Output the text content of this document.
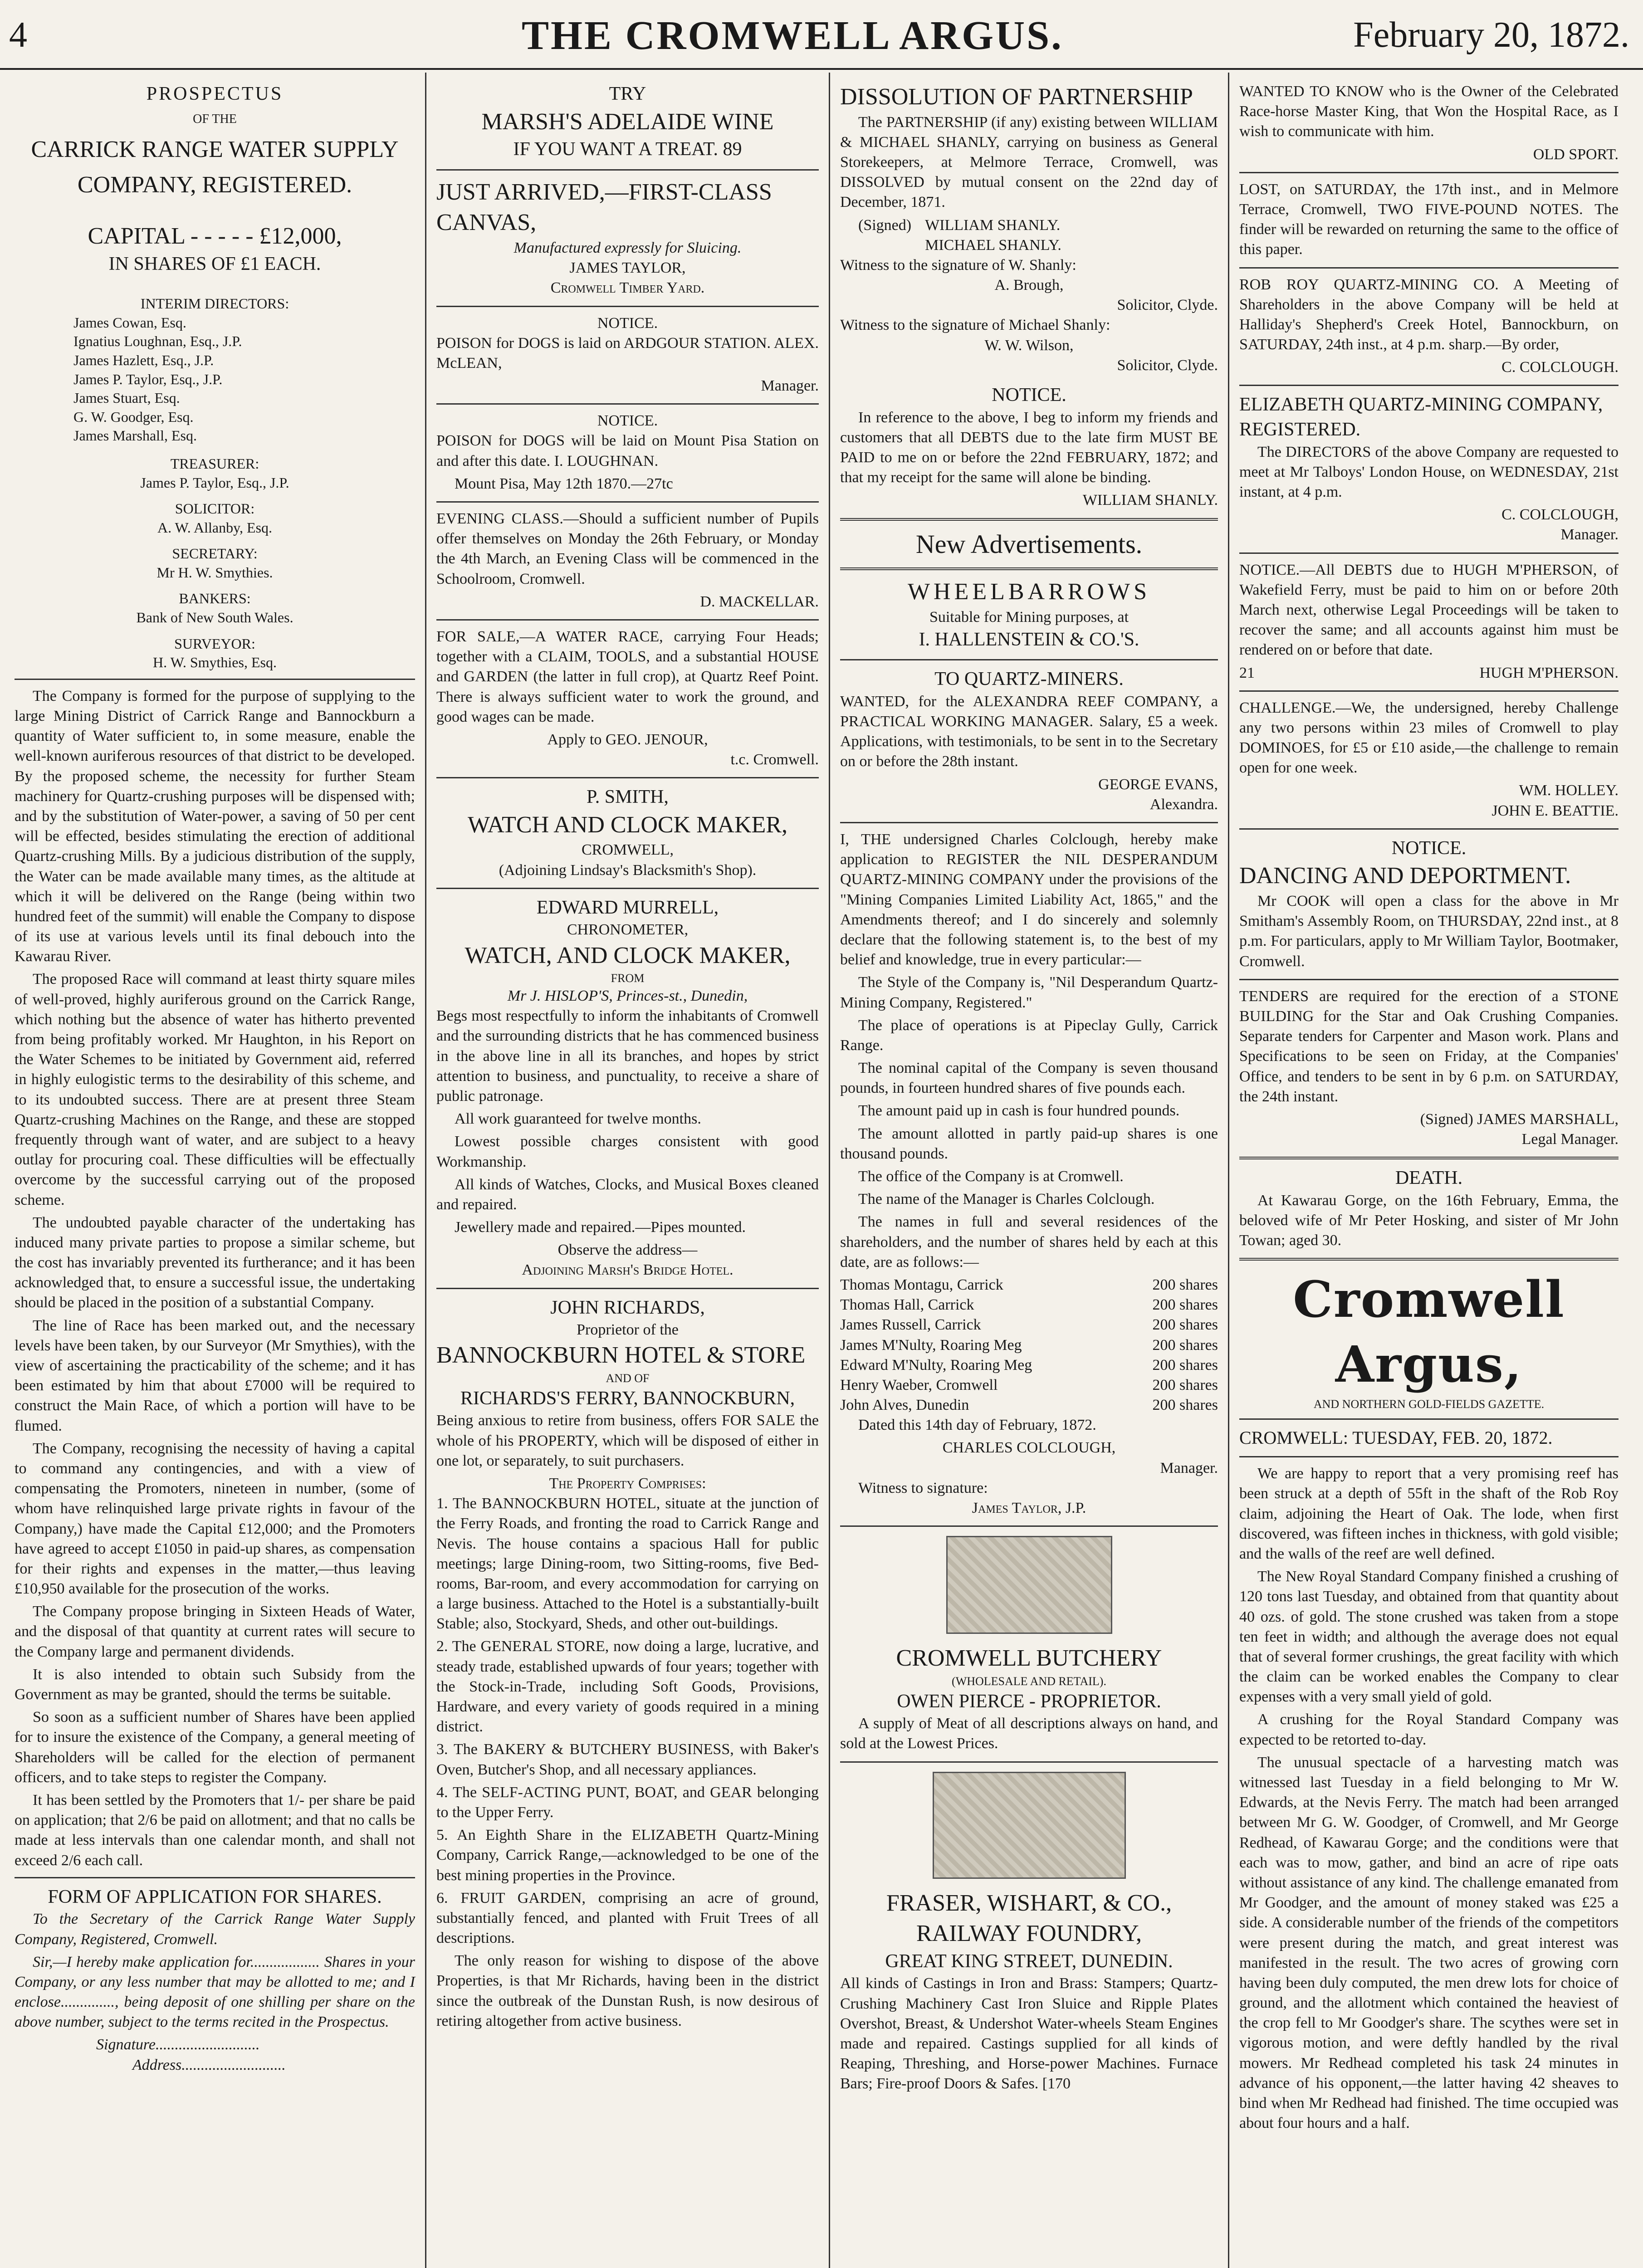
4	THE CROMWELL ARGUS.	February 20, 1872.
PROSPECTUS
OF THE
CARRICK RANGE WATER SUPPLY COMPANY, REGISTERED.
CAPITAL - - - - - £12,000,
IN SHARES OF £1 EACH.
INTERIM DIRECTORS:
James Cowan, Esq.
Ignatius Loughnan, Esq., J.P.
James Hazlett, Esq., J.P.
James P. Taylor, Esq., J.P.
James Stuart, Esq.
G. W. Goodger, Esq.
James Marshall, Esq.
TREASURER:
James P. Taylor, Esq., J.P.
SOLICITOR:
A. W. Allanby, Esq.
SECRETARY:
Mr H. W. Smythies.
BANKERS:
Bank of New South Wales.
SURVEYOR:
H. W. Smythies, Esq.

The Company is formed for the purpose of supplying to the large Mining District of Carrick Range and Bannockburn a quantity of Water sufficient to, in some measure, enable the well-known auriferous resources of that district to be developed. By the proposed scheme, the necessity for further Steam machinery for Quartz-crushing purposes will be dispensed with; and by the substitution of Water-power, a saving of 50 per cent will be effected, besides stimulating the erection of additional Quartz-crushing Mills. By a judicious distribution of the supply, the Water can be made available many times, as the altitude at which it will be delivered on the Range (being within two hundred feet of the summit) will enable the Company to dispose of its use at various levels until its final debouch into the Kawarau River.

The proposed Race will command at least thirty square miles of well-proved, highly auriferous ground on the Carrick Range, which nothing but the absence of water has hitherto prevented from being profitably worked. Mr Haughton, in his Report on the Water Schemes to be initiated by Government aid, referred in highly eulogistic terms to the desirability of this scheme, and to its undoubted success. There are at present three Steam Quartz-crushing Machines on the Range, and these are stopped frequently through want of water, and are subject to a heavy outlay for procuring coal. These difficulties will be effectually overcome by the successful carrying out of the proposed scheme.

The undoubted payable character of the undertaking has induced many private parties to propose a similar scheme, but the cost has invariably prevented its furtherance; and it has been acknowledged that, to ensure a successful issue, the undertaking should be placed in the position of a substantial Company.

The line of Race has been marked out, and the necessary levels have been taken, by our Surveyor (Mr Smythies), with the view of ascertaining the practicability of the scheme; and it has been estimated by him that about £7000 will be required to construct the Main Race, of which a portion will have to be flumed.

The Company, recognising the necessity of having a capital to command any contingencies, and with a view of compensating the Promoters, nineteen in number, (some of whom have relinquished large private rights in favour of the Company,) have made the Capital £12,000; and the Promoters have agreed to accept £1050 in paid-up shares, as compensation for their rights and expenses in the matter,—thus leaving £10,950 available for the prosecution of the works.

The Company propose bringing in Sixteen Heads of Water, and the disposal of that quantity at current rates will secure to the Company large and permanent dividends.

It is also intended to obtain such Subsidy from the Government as may be granted, should the terms be suitable.

So soon as a sufficient number of Shares have been applied for to insure the existence of the Company, a general meeting of Shareholders will be called for the election of permanent officers, and to take steps to register the Company.

It has been settled by the Promoters that 1/- per share be paid on application; that 2/6 be paid on allotment; and that no calls be made at less intervals than one calendar month, and shall not exceed 2/6 each call.

FORM OF APPLICATION FOR SHARES.

To the Secretary of the Carrick Range Water Supply Company, Registered, Cromwell.

Sir,—I hereby make application for.................. Shares in your Company, or any less number that may be allotted to me; and I enclose.............., being deposit of one shilling per share on the above number, subject to the terms recited in the Prospectus.

Signature...........................
Address...........................
TRY
MARSH'S ADELAIDE WINE
IF YOU WANT A TREAT. 89
JUST ARRIVED,—FIRST-CLASS CANVAS,
Manufactured expressly for Sluicing.
JAMES TAYLOR,
Cromwell Timber Yard.
NOTICE.

POISON for DOGS is laid on ARDGOUR STATION. ALEX. McLEAN,

Manager.
NOTICE.

POISON for DOGS will be laid on Mount Pisa Station on and after this date. I. LOUGHNAN.

Mount Pisa, May 12th 1870.—27tc

EVENING CLASS.—Should a sufficient number of Pupils offer themselves on Monday the 26th February, or Monday the 4th March, an Evening Class will be commenced in the Schoolroom, Cromwell.

D. MACKELLAR.

FOR SALE,—A WATER RACE, carrying Four Heads; together with a CLAIM, TOOLS, and a substantial HOUSE and GARDEN (the latter in full crop), at Quartz Reef Point. There is always sufficient water to work the ground, and good wages can be made.

Apply to GEO. JENOUR,
t.c. Cromwell.
P. SMITH,
WATCH AND CLOCK MAKER,
CROMWELL,
(Adjoining Lindsay's Blacksmith's Shop).
EDWARD MURRELL,
CHRONOMETER,
WATCH, AND CLOCK MAKER,
FROM
Mr J. HISLOP'S, Princes-st., Dunedin,

Begs most respectfully to inform the inhabitants of Cromwell and the surrounding districts that he has commenced business in the above line in all its branches, and hopes by strict attention to business, and punctuality, to receive a share of public patronage.

All work guaranteed for twelve months.

Lowest possible charges consistent with good Workmanship.

All kinds of Watches, Clocks, and Musical Boxes cleaned and repaired.

Jewellery made and repaired.—Pipes mounted.

Observe the address—
Adjoining Marsh's Bridge Hotel.
JOHN RICHARDS,
Proprietor of the
BANNOCKBURN HOTEL & STORE
AND OF
RICHARDS'S FERRY, BANNOCKBURN,

Being anxious to retire from business, offers FOR SALE the whole of his PROPERTY, which will be disposed of either in one lot, or separately, to suit purchasers.

The Property Comprises:

1. The BANNOCKBURN HOTEL, situate at the junction of the Ferry Roads, and fronting the road to Carrick Range and Nevis. The house contains a spacious Hall for public meetings; large Dining-room, two Sitting-rooms, five Bed-rooms, Bar-room, and every accommodation for carrying on a large business. Attached to the Hotel is a substantially-built Stable; also, Stockyard, Sheds, and other out-buildings.

2. The GENERAL STORE, now doing a large, lucrative, and steady trade, established upwards of four years; together with the Stock-in-Trade, including Soft Goods, Provisions, Hardware, and every variety of goods required in a mining district.

3. The BAKERY & BUTCHERY BUSINESS, with Baker's Oven, Butcher's Shop, and all necessary appliances.

4. The SELF-ACTING PUNT, BOAT, and GEAR belonging to the Upper Ferry.

5. An Eighth Share in the ELIZABETH Quartz-Mining Company, Carrick Range,—acknowledged to be one of the best mining properties in the Province.

6. FRUIT GARDEN, comprising an acre of ground, substantially fenced, and planted with Fruit Trees of all descriptions.

The only reason for wishing to dispose of the above Properties, is that Mr Richards, having been in the district since the outbreak of the Dunstan Rush, is now desirous of retiring altogether from active business.

DISSOLUTION OF PARTNERSHIP

The PARTNERSHIP (if any) existing between WILLIAM & MICHAEL SHANLY, carrying on business as General Storekeepers, at Melmore Terrace, Cromwell, was DISSOLVED by mutual consent on the 22nd day of December, 1871.

(Signed) WILLIAM SHANLY.
MICHAEL SHANLY.
Witness to the signature of W. Shanly:
A. Brough,
Solicitor, Clyde.
Witness to the signature of Michael Shanly:
W. W. Wilson,
Solicitor, Clyde.
NOTICE.

In reference to the above, I beg to inform my friends and customers that all DEBTS due to the late firm MUST BE PAID to me on or before the 22nd FEBRUARY, 1872; and that my receipt for the same will alone be binding.

WILLIAM SHANLY.
New Advertisements.
WHEELBARROWS
Suitable for Mining purposes, at
I. HALLENSTEIN & CO.'S.
TO QUARTZ-MINERS.

WANTED, for the ALEXANDRA REEF COMPANY, a PRACTICAL WORKING MANAGER. Salary, £5 a week. Applications, with testimonials, to be sent in to the Secretary on or before the 28th instant.

GEORGE EVANS,
Alexandra.

I, THE undersigned Charles Colclough, hereby make application to REGISTER the NIL DESPERANDUM QUARTZ-MINING COMPANY under the provisions of the "Mining Companies Limited Liability Act, 1865," and the Amendments thereof; and I do sincerely and solemnly declare that the following statement is, to the best of my belief and knowledge, true in every particular:—

The Style of the Company is, "Nil Desperandum Quartz-Mining Company, Registered."

The place of operations is at Pipeclay Gully, Carrick Range.

The nominal capital of the Company is seven thousand pounds, in fourteen hundred shares of five pounds each.

The amount paid up in cash is four hundred pounds.

The amount allotted in partly paid-up shares is one thousand pounds.

The office of the Company is at Cromwell.

The name of the Manager is Charles Colclough.

The names in full and several residences of the shareholders, and the number of shares held by each at this date, are as follows:—

Thomas Montagu, Carrick	200 shares
Thomas Hall, Carrick	200 shares
James Russell, Carrick	200 shares
James M'Nulty, Roaring Meg	200 shares
Edward M'Nulty, Roaring Meg	200 shares
Henry Waeber, Cromwell	200 shares
John Alves, Dunedin	200 shares

Dated this 14th day of February, 1872.

CHARLES COLCLOUGH,
Manager.
Witness to signature:
James Taylor, J.P.
CROMWELL BUTCHERY
(WHOLESALE AND RETAIL).
OWEN PIERCE - PROPRIETOR.

A supply of Meat of all descriptions always on hand, and sold at the Lowest Prices.

FRASER, WISHART, & CO.,
RAILWAY FOUNDRY,
GREAT KING STREET, DUNEDIN.

All kinds of Castings in Iron and Brass: Stampers; Quartz-Crushing Machinery Cast Iron Sluice and Ripple Plates Overshot, Breast, & Undershot Water-wheels Steam Engines made and repaired. Castings supplied for all kinds of Reaping, Threshing, and Horse-power Machines. Furnace Bars; Fire-proof Doors & Safes. [170

WANTED TO KNOW who is the Owner of the Celebrated Race-horse Master King, that Won the Hospital Race, as I wish to communicate with him.

OLD SPORT.

LOST, on SATURDAY, the 17th inst., and in Melmore Terrace, Cromwell, TWO FIVE-POUND NOTES. The finder will be rewarded on returning the same to the office of this paper.

ROB ROY QUARTZ-MINING CO. A Meeting of Shareholders in the above Company will be held at Halliday's Shepherd's Creek Hotel, Bannockburn, on SATURDAY, 24th inst., at 4 p.m. sharp.—By order,

C. COLCLOUGH.
ELIZABETH QUARTZ-MINING COMPANY, REGISTERED.

The DIRECTORS of the above Company are requested to meet at Mr Talboys' London House, on WEDNESDAY, 21st instant, at 4 p.m.

C. COLCLOUGH,
Manager.

NOTICE.—All DEBTS due to HUGH M'PHERSON, of Wakefield Ferry, must be paid to him on or before 20th March next, otherwise Legal Proceedings will be taken to recover the same; and all accounts against him must be rendered on or before that date.

21	HUGH M'PHERSON.

CHALLENGE.—We, the undersigned, hereby Challenge any two persons within 23 miles of Cromwell to play DOMINOES, for £5 or £10 aside,—the challenge to remain open for one week.

WM. HOLLEY.
JOHN E. BEATTIE.
NOTICE.
DANCING AND DEPORTMENT.

Mr COOK will open a class for the above in Mr Smitham's Assembly Room, on THURSDAY, 22nd inst., at 8 p.m. For particulars, apply to Mr William Taylor, Bootmaker, Cromwell.

TENDERS are required for the erection of a STONE BUILDING for the Star and Oak Crushing Companies. Separate tenders for Carpenter and Mason work. Plans and Specifications to be seen on Friday, at the Companies' Office, and tenders to be sent in by 6 p.m. on SATURDAY, the 24th instant.

(Signed) JAMES MARSHALL,
Legal Manager.
DEATH.

At Kawarau Gorge, on the 16th February, Emma, the beloved wife of Mr Peter Hosking, and sister of Mr John Towan; aged 30.

Cromwell Argus,
AND NORTHERN GOLD-FIELDS GAZETTE.
CROMWELL: TUESDAY, FEB. 20, 1872.

We are happy to report that a very promising reef has been struck at a depth of 55ft in the shaft of the Rob Roy claim, adjoining the Heart of Oak. The lode, when first discovered, was fifteen inches in thickness, with gold visible; and the walls of the reef are well defined.

The New Royal Standard Company finished a crushing of 120 tons last Tuesday, and obtained from that quantity about 40 ozs. of gold. The stone crushed was taken from a stope ten feet in width; and although the average does not equal that of several former crushings, the great facility with which the claim can be worked enables the Company to clear expenses with a very small yield of gold.

A crushing for the Royal Standard Company was expected to be retorted to-day.

The unusual spectacle of a harvesting match was witnessed last Tuesday in a field belonging to Mr W. Edwards, at the Nevis Ferry. The match had been arranged between Mr G. W. Goodger, of Cromwell, and Mr George Redhead, of Kawarau Gorge; and the conditions were that each was to mow, gather, and bind an acre of ripe oats without assistance of any kind. The challenge emanated from Mr Goodger, and the amount of money staked was £25 a side. A considerable number of the friends of the competitors were present during the match, and great interest was manifested in the result. The two acres of growing corn having been duly computed, the men drew lots for choice of ground, and the allotment which contained the heaviest of the crop fell to Mr Goodger's share. The scythes were set in vigorous motion, and were deftly handled by the rival mowers. Mr Redhead completed his task 24 minutes in advance of his opponent,—the latter having 42 sheaves to bind when Mr Redhead had finished. The time occupied was about four hours and a half.
